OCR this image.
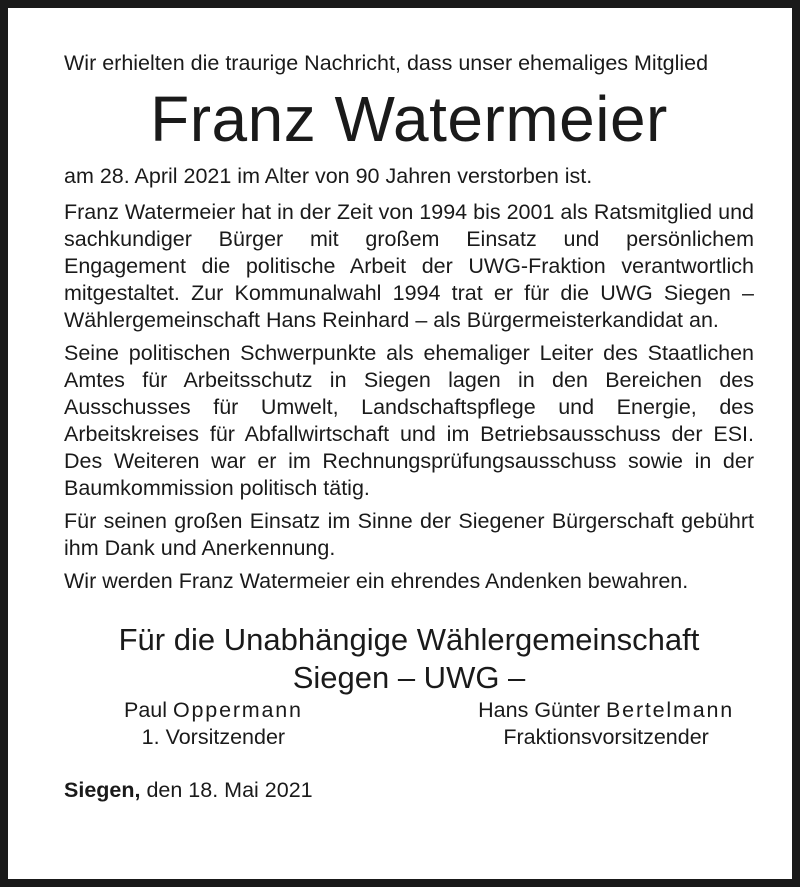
Wir erhielten die traurige Nachricht, dass unser ehemaliges Mitglied

Franz Watermeier

am 28. April 2021 im Alter von 90 Jahren verstorben ist.

Franz Watermeier hat in der Zeit von 1994 bis 2001 als Ratsmitglied und sachkundiger Bürger mit großem Einsatz und persönlichem Engagement die politische Arbeit der UWG-Fraktion verantwortlich mitgestaltet. Zur Kommunalwahl 1994 trat er für die UWG Siegen – Wählergemeinschaft Hans Reinhard – als Bürgermeisterkandidat an.

Seine politischen Schwerpunkte als ehemaliger Leiter des Staatlichen Amtes für Arbeitsschutz in Siegen lagen in den Bereichen des Ausschusses für Umwelt, Landschaftspflege und Energie, des Arbeitskreises für Abfallwirtschaft und im Betriebsausschuss der ESI. Des Weiteren war er im Rechnungsprüfungsausschuss sowie in der Baumkommission politisch tätig.

Für seinen großen Einsatz im Sinne der Siegener Bürgerschaft gebührt ihm Dank und Anerkennung.

Wir werden Franz Watermeier ein ehrendes Andenken bewahren.

Für die Unabhängige Wählergemeinschaft
Siegen – UWG –
Paul Oppermann
1. Vorsitzender
Hans Günter Bertelmann
Fraktionsvorsitzender
Siegen, den 18. Mai 2021
